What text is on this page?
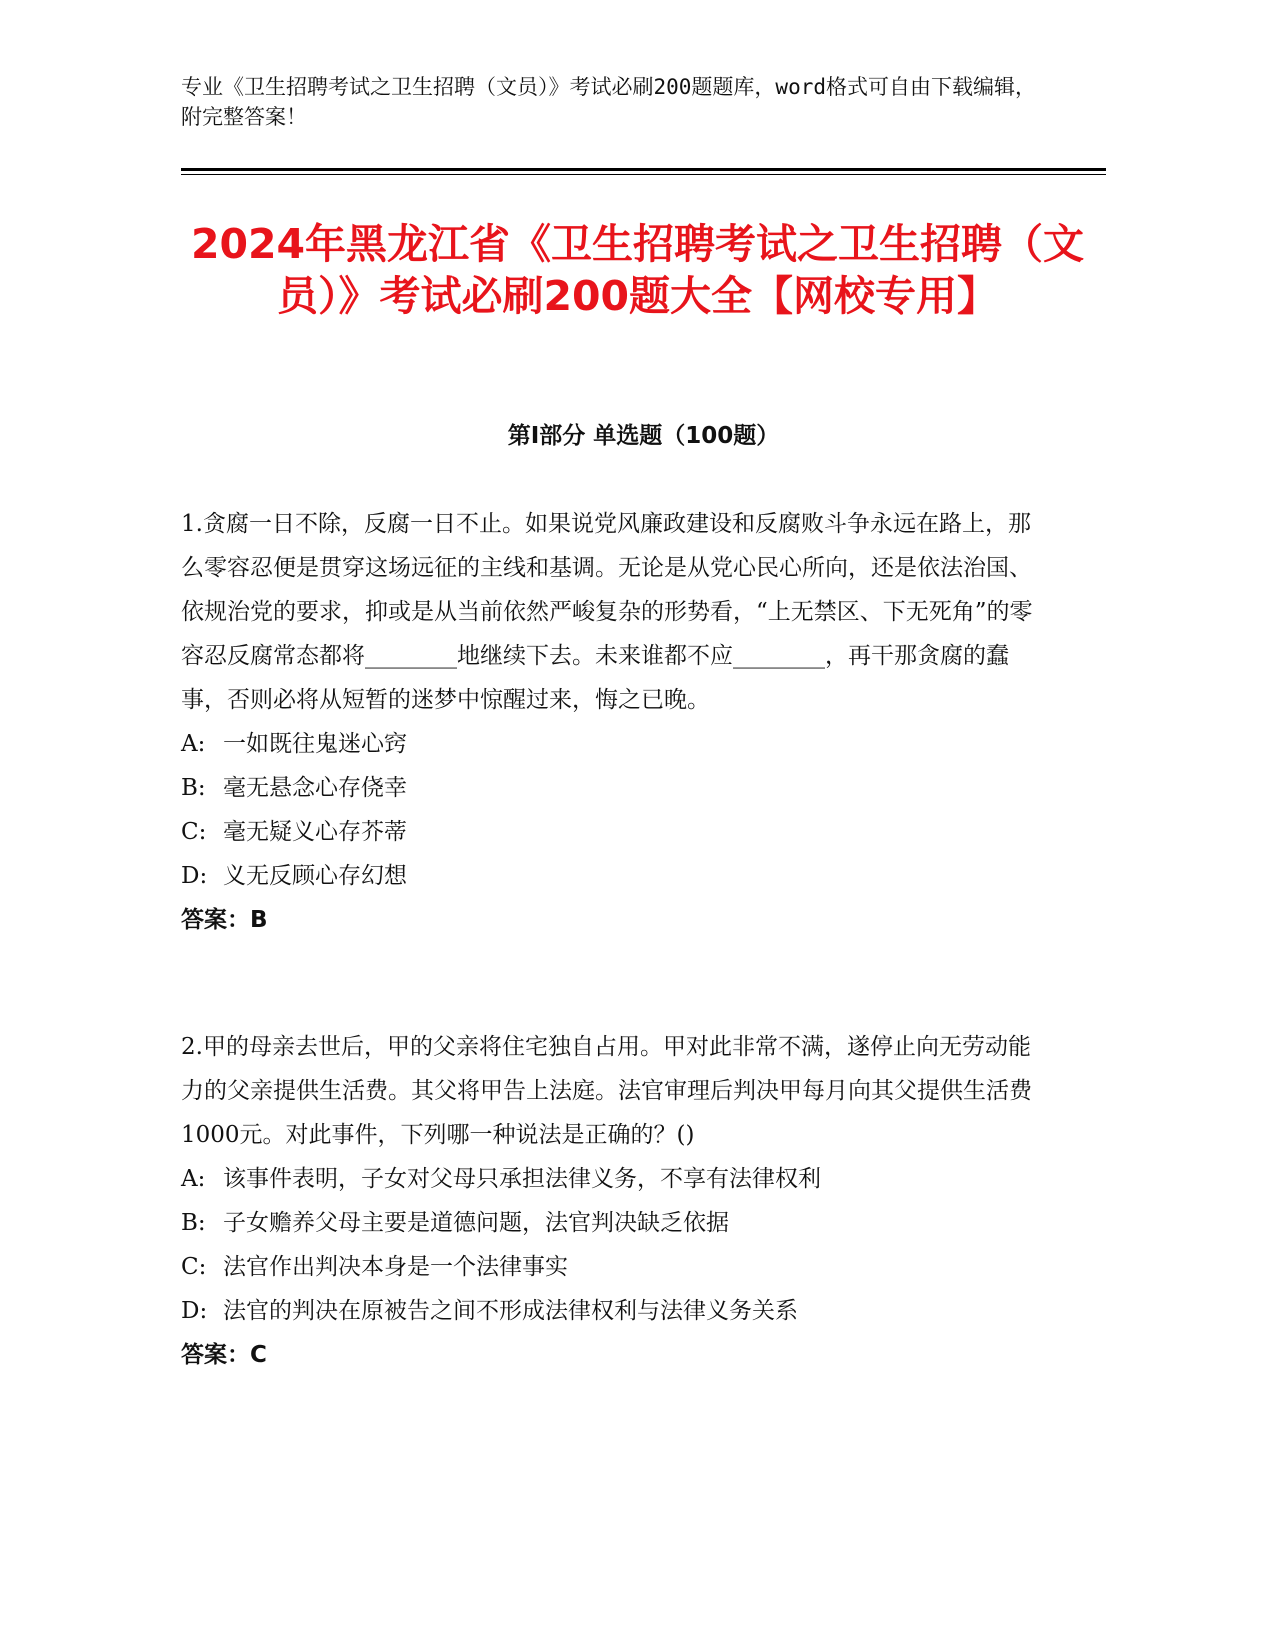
专业《卫生招聘考试之卫生招聘（文员）》考试必刷200题题库，word格式可自由下载编辑，附完整答案！
2024年黑龙江省《卫生招聘考试之卫生招聘（文员）》考试必刷200题大全【网校专用】
第I部分 单选题（100题）

1.贪腐一日不除，反腐一日不止。如果说党风廉政建设和反腐败斗争永远在路上，那么零容忍便是贯穿这场远征的主线和基调。无论是从党心民心所向，还是依法治国、依规治党的要求，抑或是从当前依然严峻复杂的形势看，“上无禁区、下无死角”的零容忍反腐常态都将________地继续下去。未来谁都不应________，再干那贪腐的蠢事，否则必将从短暂的迷梦中惊醒过来，悔之已晚。

A: 一如既往鬼迷心窍

B: 毫无悬念心存侥幸

C: 毫无疑义心存芥蒂

D: 义无反顾心存幻想

答案：B

2.甲的母亲去世后，甲的父亲将住宅独自占用。甲对此非常不满，遂停止向无劳动能力的父亲提供生活费。其父将甲告上法庭。法官审理后判决甲每月向其父提供生活费1000元。对此事件，下列哪一种说法是正确的？()

A: 该事件表明，子女对父母只承担法律义务，不享有法律权利

B: 子女赡养父母主要是道德问题，法官判决缺乏依据

C: 法官作出判决本身是一个法律事实

D: 法官的判决在原被告之间不形成法律权利与法律义务关系

答案：C
